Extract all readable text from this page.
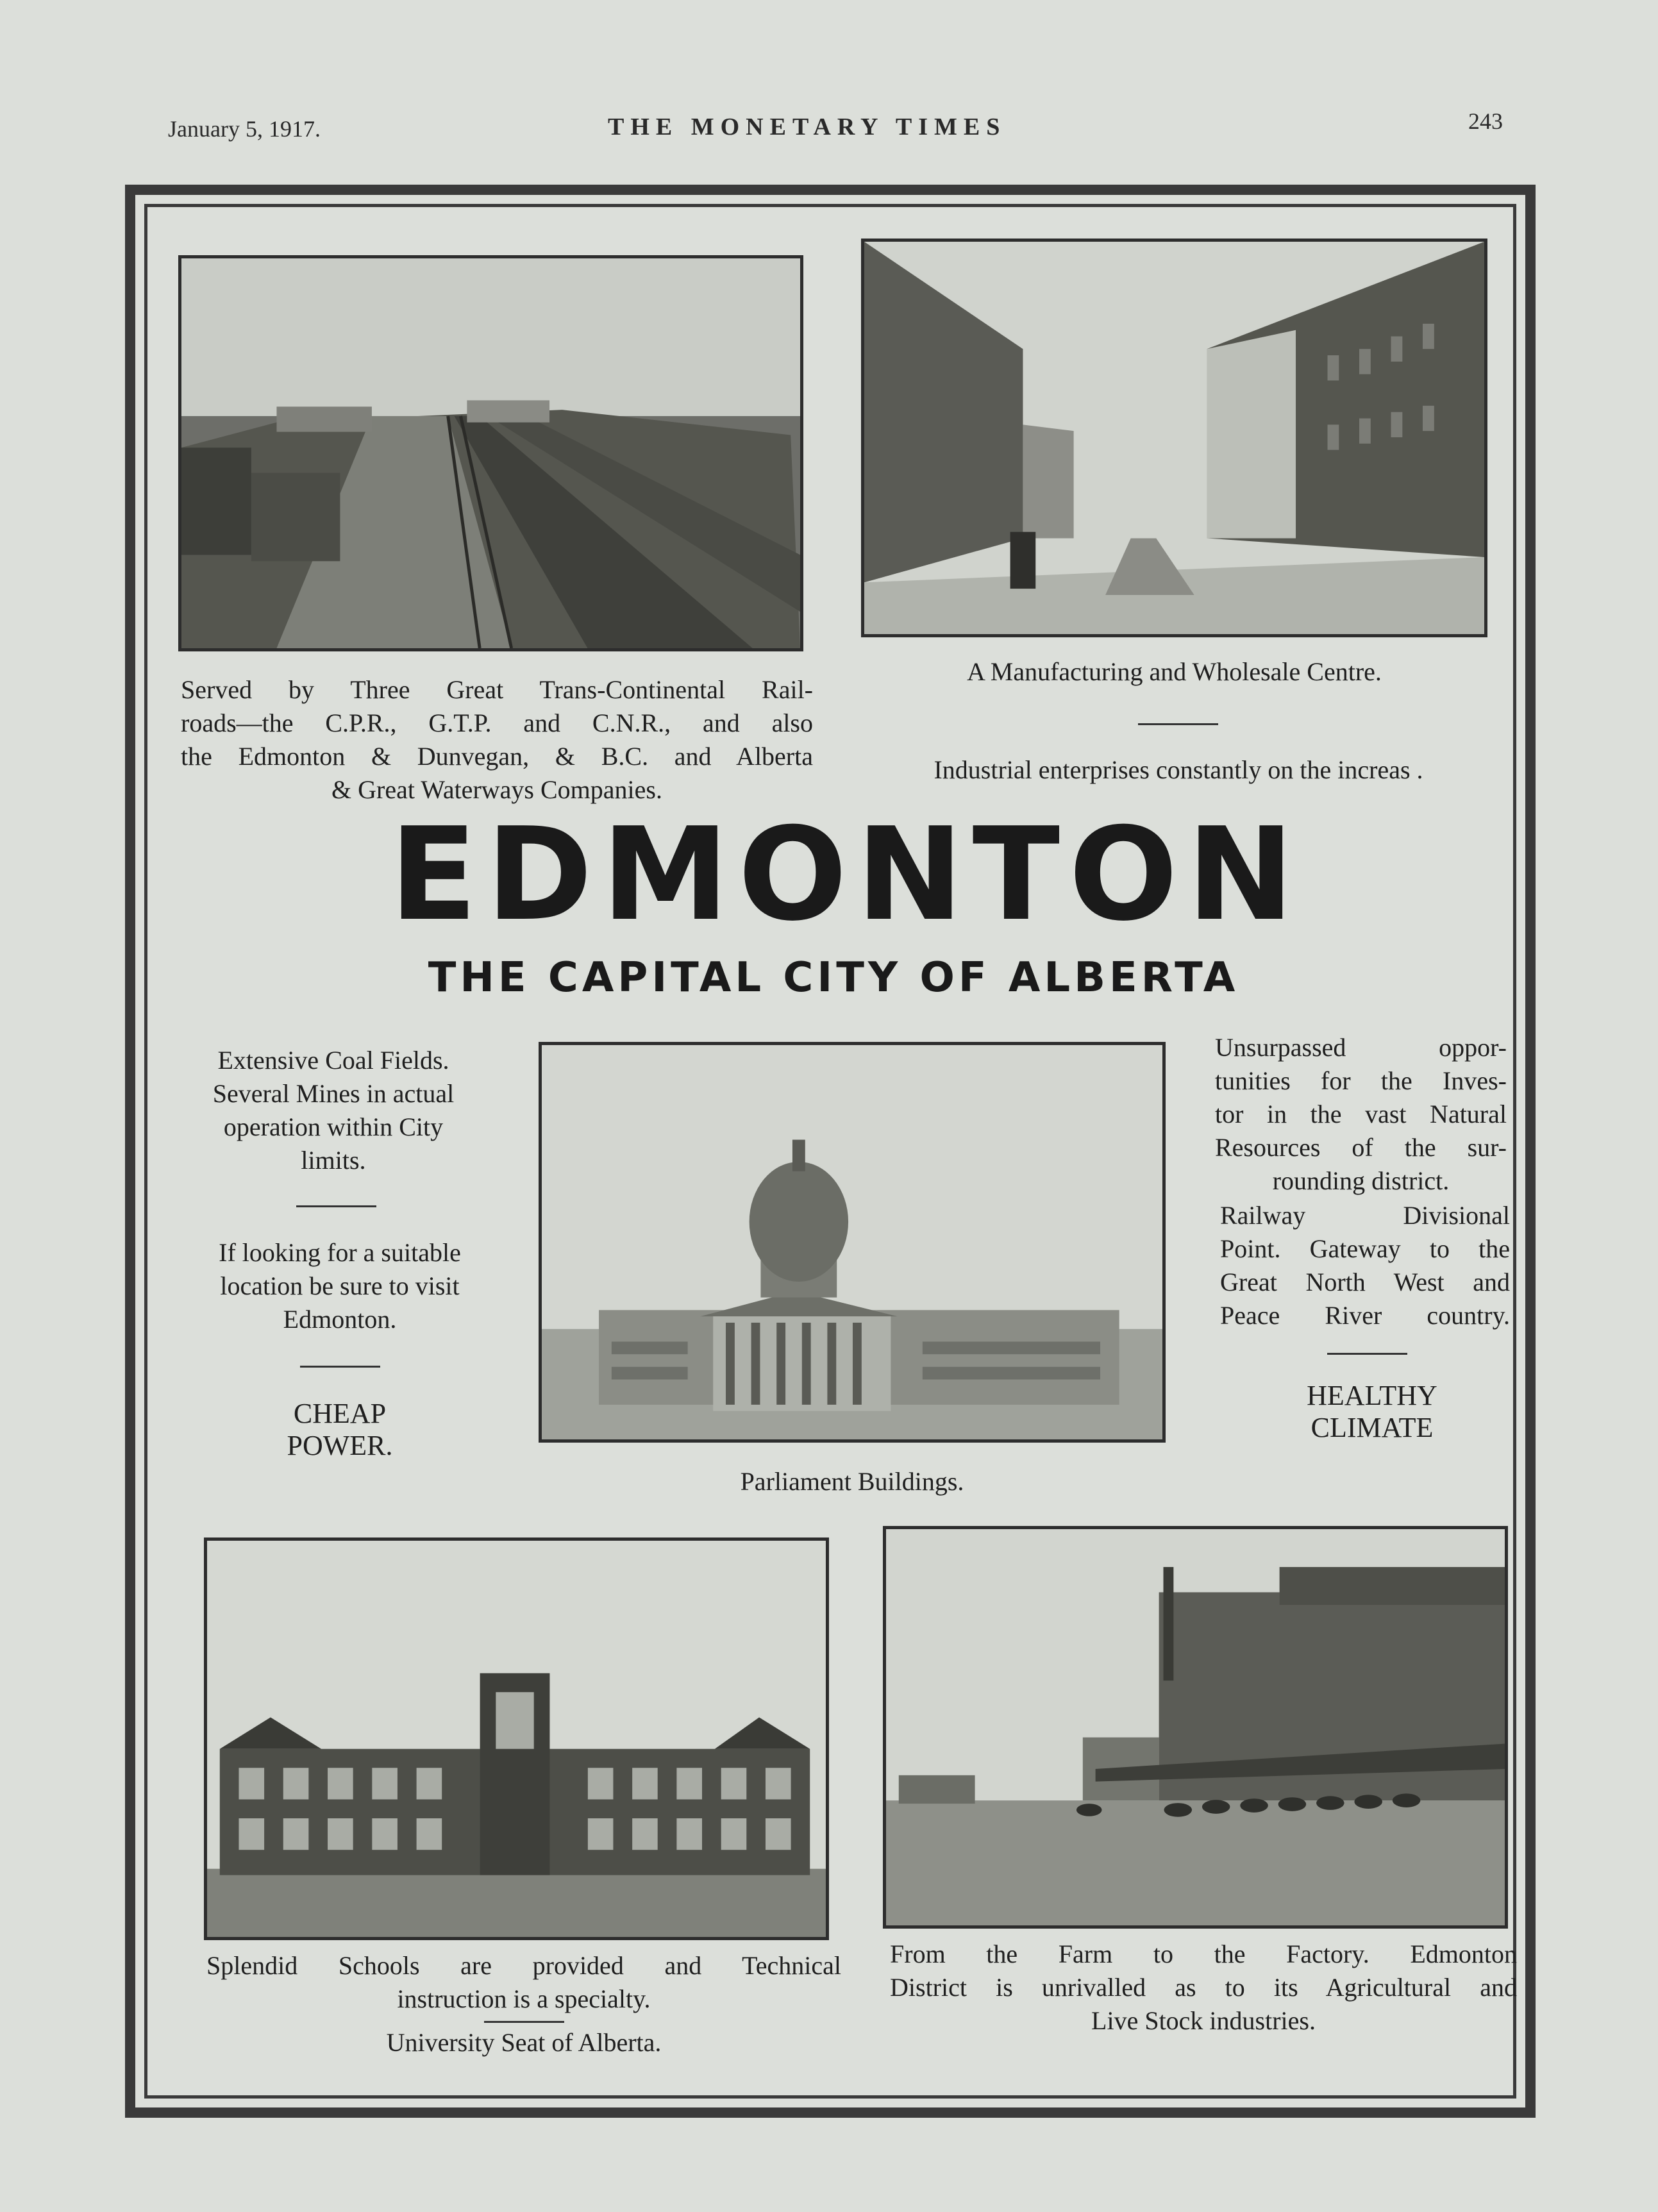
January 5, 1917.	THE MONETARY TIMES	243
Served by Three Great Trans-Continental Rail-
roads—the C.P.R., G.T.P. and C.N.R., and also
the Edmonton & Dunvegan, & B.C. and Alberta
& Great Waterways Companies.
A Manufacturing and Wholesale Centre.
Industrial enterprises constantly on the increas .
EDMONTON
THE CAPITAL CITY OF ALBERTA
Extensive Coal Fields.
Several Mines in actual
operation within City
limits.
If looking for a suitable
location be sure to visit
Edmonton.
CHEAP
POWER.
Parliament Buildings.
Unsurpassed oppor-
tunities for the Inves-
tor in the vast Natural
Resources of the sur-
rounding district.
Railway Divisional
Point. Gateway to the
Great North West and
Peace River country.
HEALTHY
CLIMATE
Splendid Schools are provided and Technical
instruction is a specialty.
University Seat of Alberta.
From the Farm to the Factory. Edmonton
District is unrivalled as to its Agricultural and
Live Stock industries.
